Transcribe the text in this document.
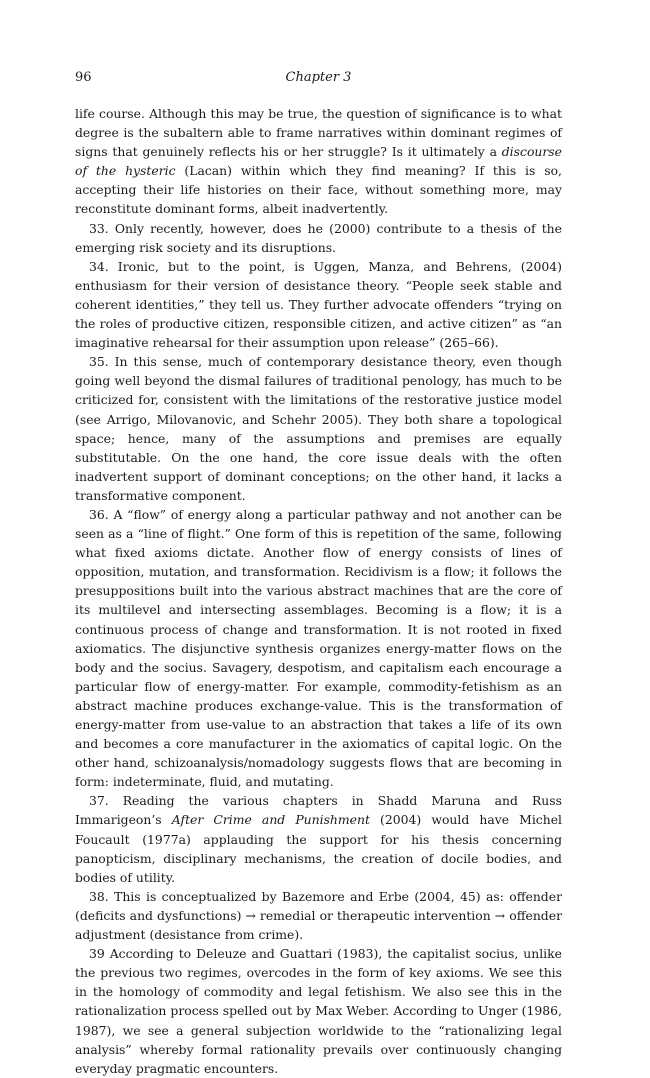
96	Chapter 3

life course. Although this may be true, the question of significance is to what degree is the subaltern able to frame narratives within dominant regimes of signs that genuinely reflects his or her struggle? Is it ultimately a discourse of the hysteric (Lacan) within which they find meaning? If this is so, accepting their life histories on their face, without something more, may reconstitute dominant forms, albeit inadvertently.

33. Only recently, however, does he (2000) contribute to a thesis of the emerging risk society and its disruptions.

34. Ironic, but to the point, is Uggen, Manza, and Behrens, (2004) enthusiasm for their version of desistance theory. “People seek stable and coherent identities,” they tell us. They further advocate offenders “trying on the roles of productive citizen, responsible citizen, and active citizen” as “an imaginative rehearsal for their assumption upon release” (265–66).

35. In this sense, much of contemporary desistance theory, even though going well beyond the dismal failures of traditional penology, has much to be criticized for, consistent with the limitations of the restorative justice model (see Arrigo, Milovanovic, and Schehr 2005). They both share a topological space; hence, many of the assumptions and premises are equally substitutable. On the one hand, the core issue deals with the often inadvertent support of dominant conceptions; on the other hand, it lacks a transformative component.

36. A “flow” of energy along a particular pathway and not another can be seen as a “line of flight.” One form of this is repetition of the same, following what fixed axioms dictate. Another flow of energy consists of lines of opposition, mutation, and transformation. Recidivism is a flow; it follows the presuppositions built into the various abstract machines that are the core of its multilevel and intersecting assemblages. Becoming is a flow; it is a continuous process of change and transformation. It is not rooted in fixed axiomatics. The disjunctive synthesis organizes energy-matter flows on the body and the socius. Savagery, despotism, and capitalism each encourage a particular flow of energy-matter. For example, commodity-fetishism as an abstract machine produces exchange-value. This is the transformation of energy-matter from use-value to an abstraction that takes a life of its own and becomes a core manufacturer in the axiomatics of capital logic. On the other hand, schizoanalysis/nomadology suggests flows that are becoming in form: indeterminate, fluid, and mutating.

37. Reading the various chapters in Shadd Maruna and Russ Immarigeon’s After Crime and Punishment (2004) would have Michel Foucault (1977a) applauding the support for his thesis concerning panopticism, disciplinary mechanisms, the creation of docile bodies, and bodies of utility.

38. This is conceptualized by Bazemore and Erbe (2004, 45) as: offender (deficits and dysfunctions) → remedial or therapeutic intervention → offender adjustment (desistance from crime).

39 According to Deleuze and Guattari (1983), the capitalist socius, unlike the previous two regimes, overcodes in the form of key axioms. We see this in the homology of commodity and legal fetishism. We also see this in the rationalization process spelled out by Max Weber. According to Unger (1986, 1987), we see a general subjection worldwide to the “rationalizing legal analysis” whereby formal rationality prevails over continuously changing everyday pragmatic encounters.
